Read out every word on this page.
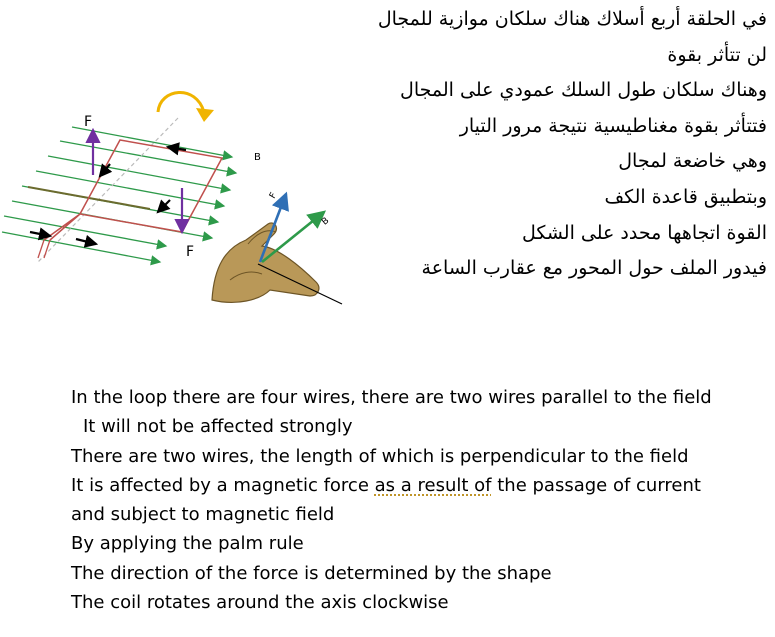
في الحلقة أربع أسلاك هناك سلكان موازية للمجال
لن تتأثر بقوة
وهناك سلكان طول السلك عمودي على المجال
فتتأثر بقوة مغناطيسية نتيجة مرور التيار
وهي خاضعة لمجال
وبتطبيق قاعدة الكف
القوة اتجاهها محدد على الشكل
فيدور الملف حول المحور مع عقارب الساعة
F
F
B
F
B
In the loop there are four wires, there are two wires parallel to the field
It will not be affected strongly
There are two wires, the length of which is perpendicular to the field
It is affected by a magnetic force as a result of the passage of current
and subject to magnetic field
By applying the palm rule
The direction of the force is determined by the shape
The coil rotates around the axis clockwise
